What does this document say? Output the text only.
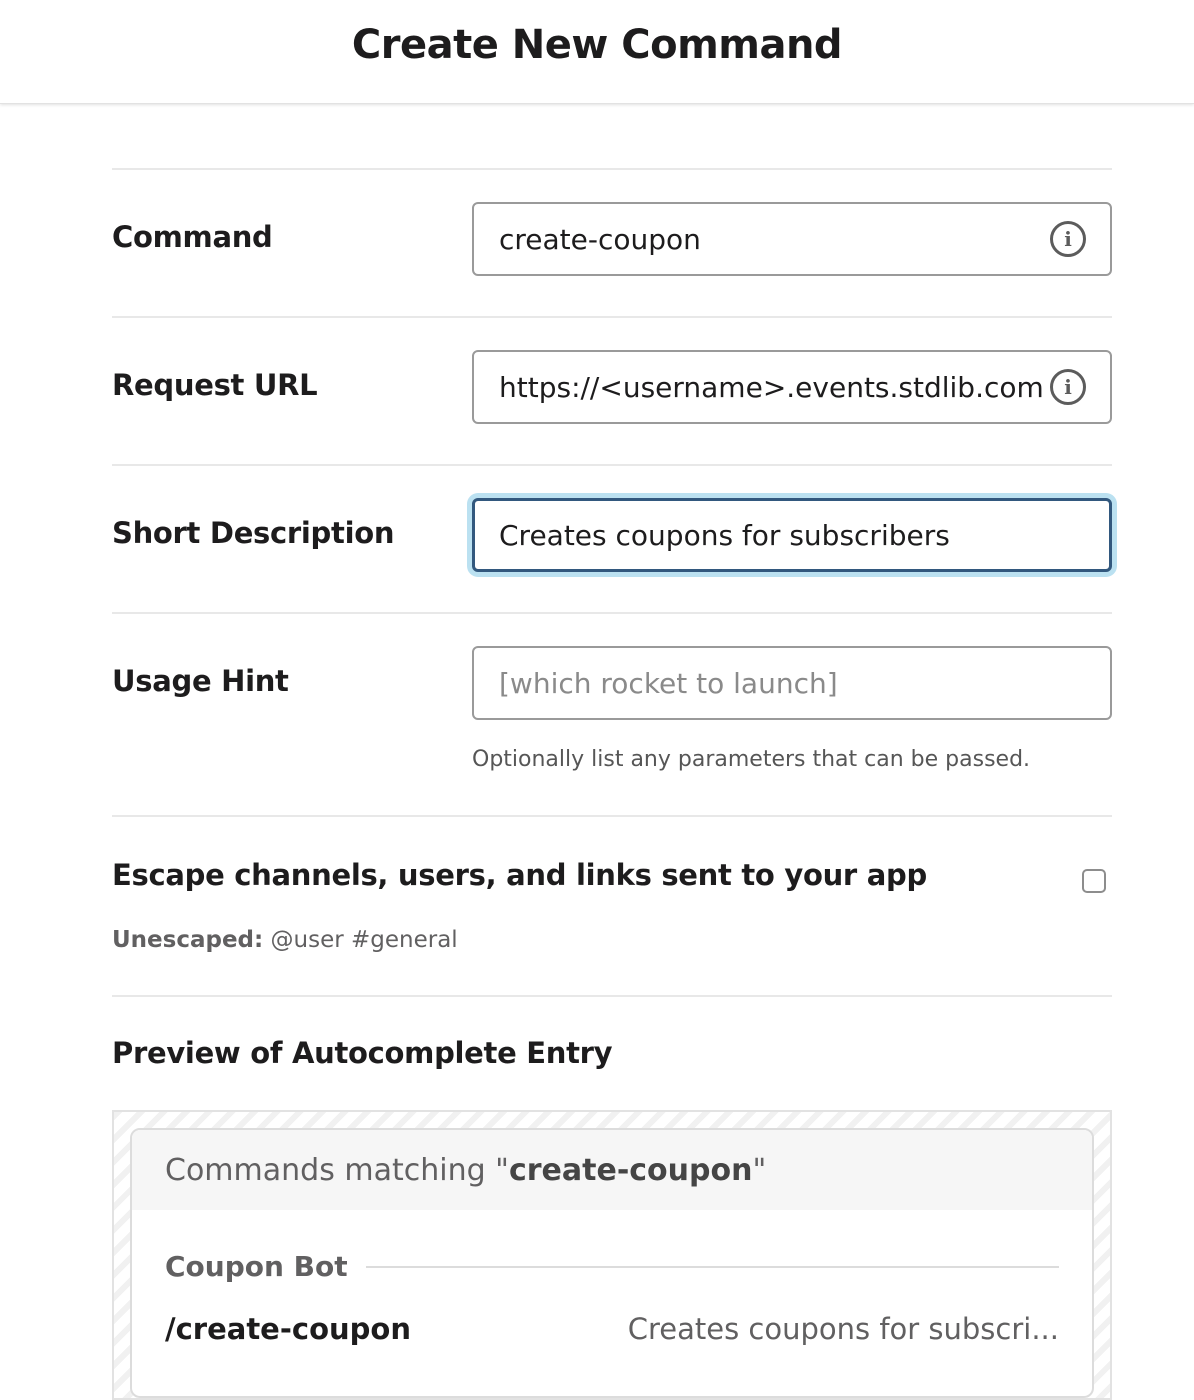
Create New Command
Command
create-coupon	i
Request URL
https://<username>.events.stdlib.com	i
Short Description
Creates coupons for subscribers
Usage Hint
[which rocket to launch]
Optionally list any parameters that can be passed.
Escape channels, users, and links sent to your app
Unescaped: @user #general
Preview of Autocomplete Entry
Commands matching " create-coupon "
Coupon Bot
/create-coupon	Creates coupons for subscri...
